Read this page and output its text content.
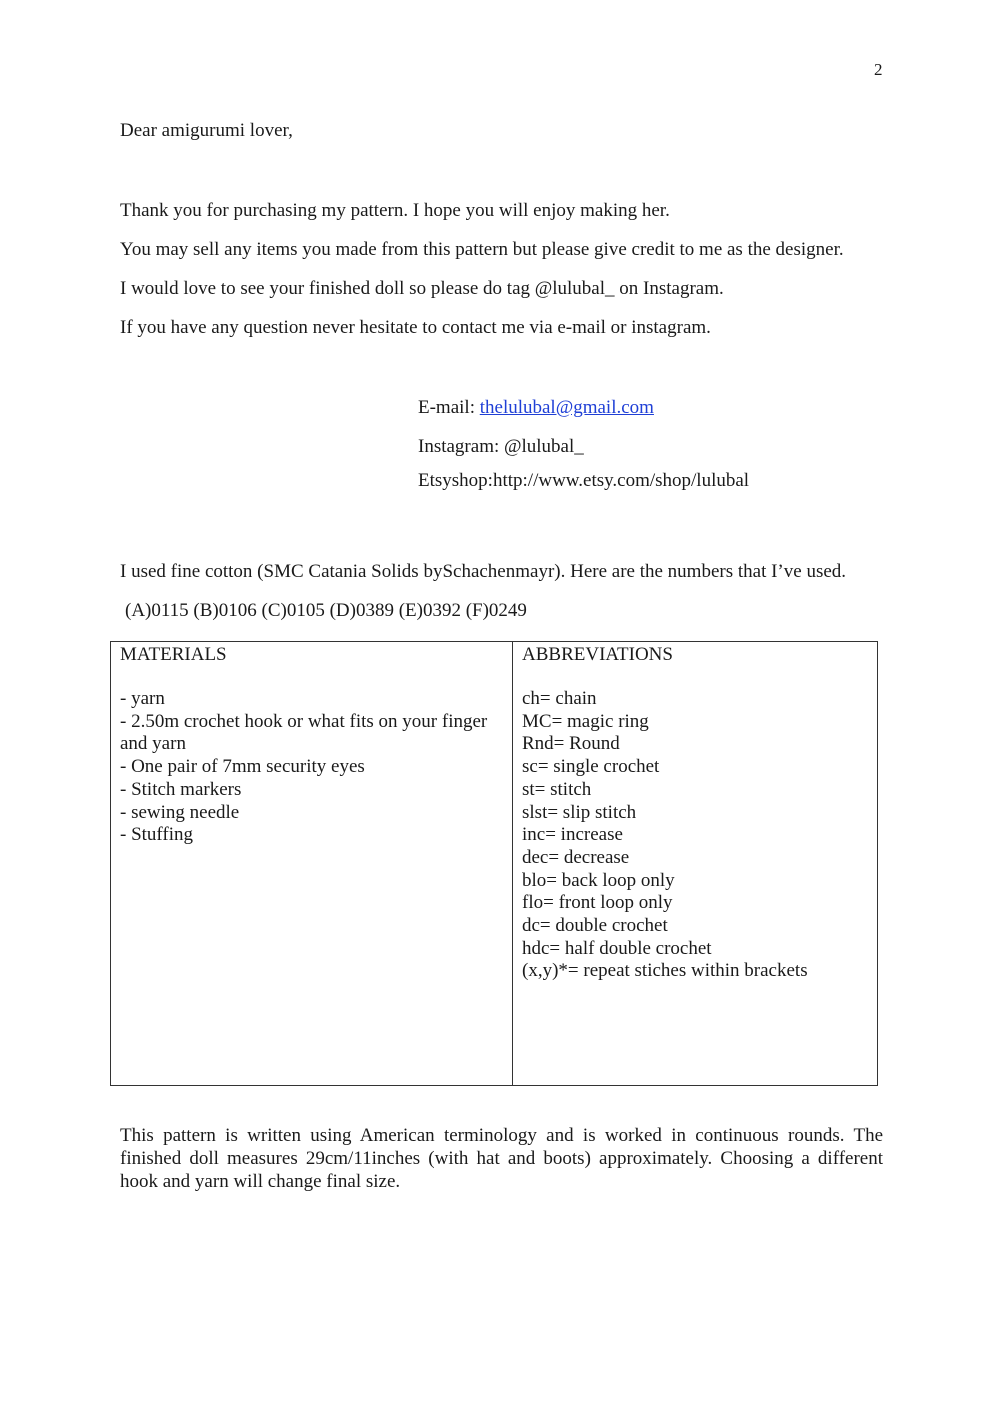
2
Dear amigurumi lover,

Thank you for purchasing my pattern. I hope you will enjoy making her.

You may sell any items you made from this pattern but please give credit to me as the designer.

I would love to see your finished doll so please do tag @lulubal_ on Instagram.

If you have any question never hesitate to contact me via e-mail or instagram.

E-mail: thelulubal@gmail.com
Instagram: @lulubal_
Etsyshop:http://www.etsy.com/shop/lulubal
I used fine cotton (SMC Catania Solids bySchachenmayr). Here are the numbers that I’ve used.
(A)0115 (B)0106 (C)0105 (D)0389 (E)0392 (F)0249
MATERIALS
- yarn
- 2.50m crochet hook or what fits on your finger and yarn
- One pair of 7mm security eyes
- Stitch markers
- sewing needle
- Stuffing

ABBREVIATIONS
ch= chain
MC= magic ring
Rnd= Round
sc= single crochet
st= stitch
slst= slip stitch
inc= increase
dec= decrease
blo= back loop only
flo= front loop only
dc= double crochet
hdc= half double crochet
(x,y)*= repeat stiches within brackets

This pattern is written using American terminology and is worked in continuous rounds. The finished doll measures 29cm/11inches (with hat and boots) approximately. Choosing a different hook and yarn will change final size.
